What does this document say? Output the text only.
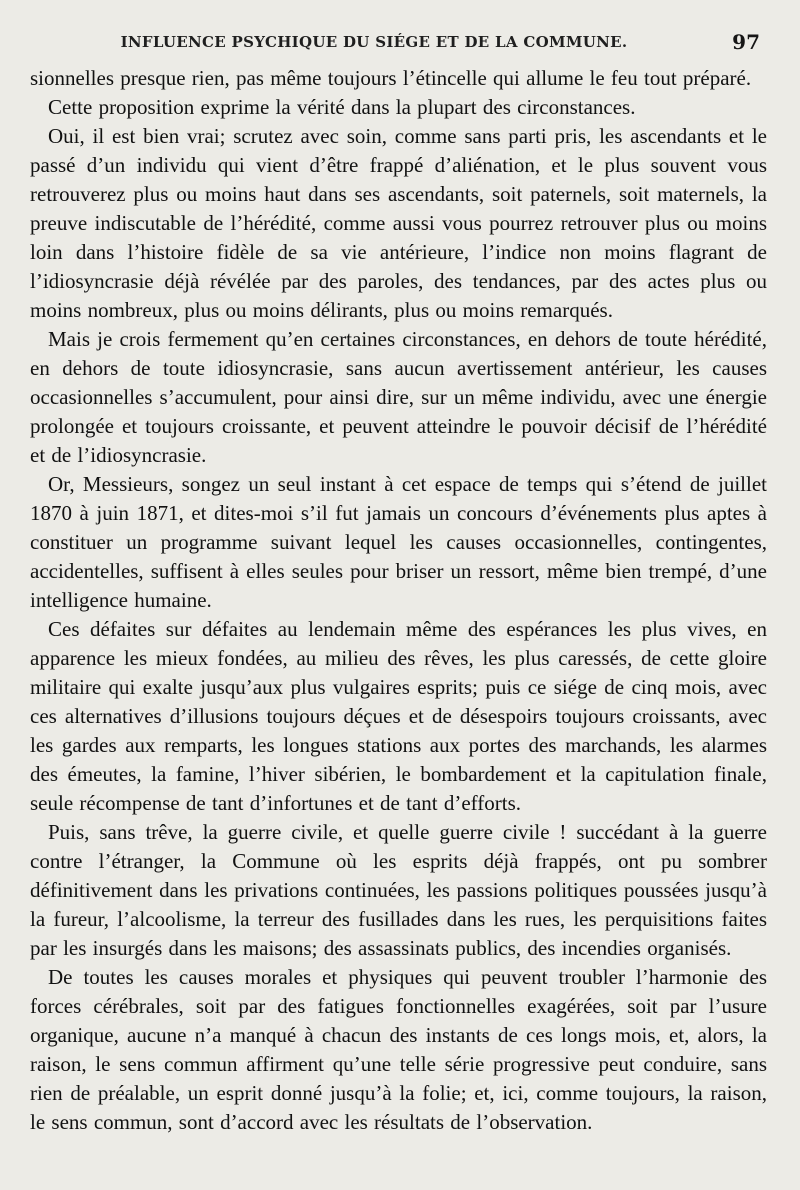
INFLUENCE PSYCHIQUE DU SIÉGE ET DE LA COMMUNE.	97

sionnelles presque rien, pas même toujours l’étincelle qui allume le feu tout préparé.

Cette proposition exprime la vérité dans la plupart des circonstances.

Oui, il est bien vrai; scrutez avec soin, comme sans parti pris, les ascendants et le passé d’un individu qui vient d’être frappé d’aliénation, et le plus souvent vous retrouverez plus ou moins haut dans ses ascendants, soit paternels, soit maternels, la preuve indiscutable de l’hérédité, comme aussi vous pourrez retrouver plus ou moins loin dans l’histoire fidèle de sa vie antérieure, l’indice non moins flagrant de l’idiosyncrasie déjà révélée par des paroles, des tendances, par des actes plus ou moins nombreux, plus ou moins délirants, plus ou moins remarqués.

Mais je crois fermement qu’en certaines circonstances, en dehors de toute hérédité, en dehors de toute idiosyncrasie, sans aucun avertissement antérieur, les causes occasionnelles s’accumulent, pour ainsi dire, sur un même individu, avec une énergie prolongée et toujours croissante, et peuvent atteindre le pouvoir décisif de l’hérédité et de l’idiosyncrasie.

Or, Messieurs, songez un seul instant à cet espace de temps qui s’étend de juillet 1870 à juin 1871, et dites-moi s’il fut jamais un concours d’événements plus aptes à constituer un programme suivant lequel les causes occasionnelles, contingentes, accidentelles, suffisent à elles seules pour briser un ressort, même bien trempé, d’une intelligence humaine.

Ces défaites sur défaites au lendemain même des espérances les plus vives, en apparence les mieux fondées, au milieu des rêves, les plus caressés, de cette gloire militaire qui exalte jusqu’aux plus vulgaires esprits; puis ce siége de cinq mois, avec ces alternatives d’illusions toujours déçues et de désespoirs toujours croissants, avec les gardes aux remparts, les longues stations aux portes des marchands, les alarmes des émeutes, la famine, l’hiver sibérien, le bombardement et la capitulation finale, seule récompense de tant d’infortunes et de tant d’efforts.

Puis, sans trêve, la guerre civile, et quelle guerre civile ! succédant à la guerre contre l’étranger, la Commune où les esprits déjà frappés, ont pu sombrer définitivement dans les privations continuées, les passions politiques poussées jusqu’à la fureur, l’alcoolisme, la terreur des fusillades dans les rues, les perquisitions faites par les insurgés dans les maisons; des assassinats publics, des incendies organisés.

De toutes les causes morales et physiques qui peuvent troubler l’harmonie des forces cérébrales, soit par des fatigues fonctionnelles exagérées, soit par l’usure organique, aucune n’a manqué à chacun des instants de ces longs mois, et, alors, la raison, le sens commun affirment qu’une telle série progressive peut conduire, sans rien de préalable, un esprit donné jusqu’à la folie; et, ici, comme toujours, la raison, le sens commun, sont d’accord avec les résultats de l’observation.
